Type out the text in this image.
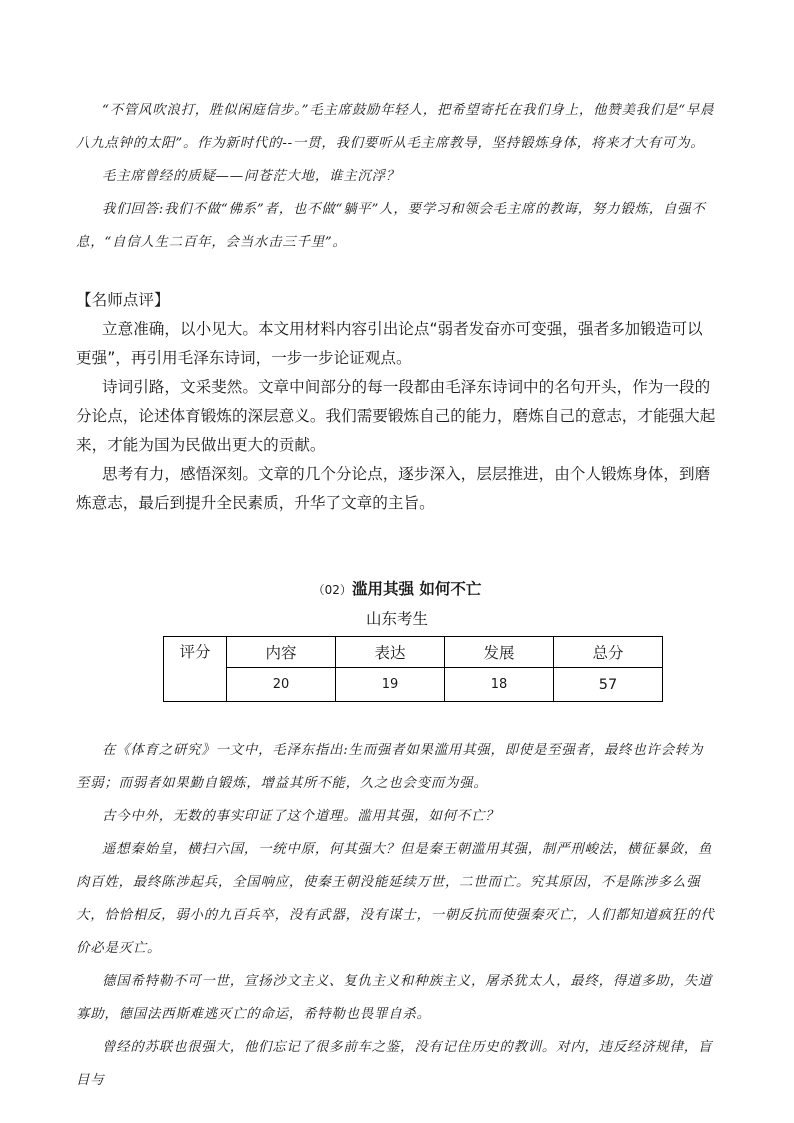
“不管风吹浪打，胜似闲庭信步。”毛主席鼓励年轻人，把希望寄托在我们身上，他赞美我们是“早晨八九点钟的太阳”。作为新时代的--一贯，我们要听从毛主席教导，坚持锻炼身体，将来才大有可为。

毛主席曾经的质疑——问苍茫大地，谁主沉浮？

我们回答:我们不做“佛系”者，也不做“躺平”人，要学习和领会毛主席的教诲，努力锻炼，自强不息，“自信人生二百年，会当水击三千里”。

【名师点评】

立意准确，以小见大。本文用材料内容引出论点“弱者发奋亦可变强，强者多加锻造可以更强”，再引用毛泽东诗词，一步一步论证观点。

诗词引路，文采斐然。文章中间部分的每一段都由毛泽东诗词中的名句开头，作为一段的分论点，论述体育锻炼的深层意义。我们需要锻炼自己的能力，磨炼自己的意志，才能强大起来，才能为国为民做出更大的贡献。

思考有力，感悟深刻。文章的几个分论点，逐步深入，层层推进，由个人锻炼身体，到磨炼意志，最后到提升全民素质，升华了文章的主旨。

（02）滥用其强 如何不亡
山东考生
评分	内容	表达	发展	总分
	20	19	18	57

在《体育之研究》一文中，毛泽东指出:生而强者如果滥用其强，即使是至强者，最终也许会转为至弱；而弱者如果勤自锻炼，增益其所不能，久之也会变而为强。

古今中外，无数的事实印证了这个道理。滥用其强，如何不亡？

遥想秦始皇，横扫六国，一统中原，何其强大？但是秦王朝滥用其强，制严刑峻法，横征暴敛，鱼肉百姓，最终陈涉起兵，全国响应，使秦王朝没能延续万世，二世而亡。究其原因，不是陈涉多么强大，恰恰相反，弱小的九百兵卒，没有武器，没有谋士，一朝反抗而使强秦灭亡，人们都知道疯狂的代价必是灭亡。

德国希特勒不可一世，宣扬沙文主义、复仇主义和种族主义，屠杀犹太人，最终，得道多助，失道寡助，德国法西斯难逃灭亡的命运，希特勒也畏罪自杀。

曾经的苏联也很强大，他们忘记了很多前车之鉴，没有记住历史的教训。对内，违反经济规律，盲目与
